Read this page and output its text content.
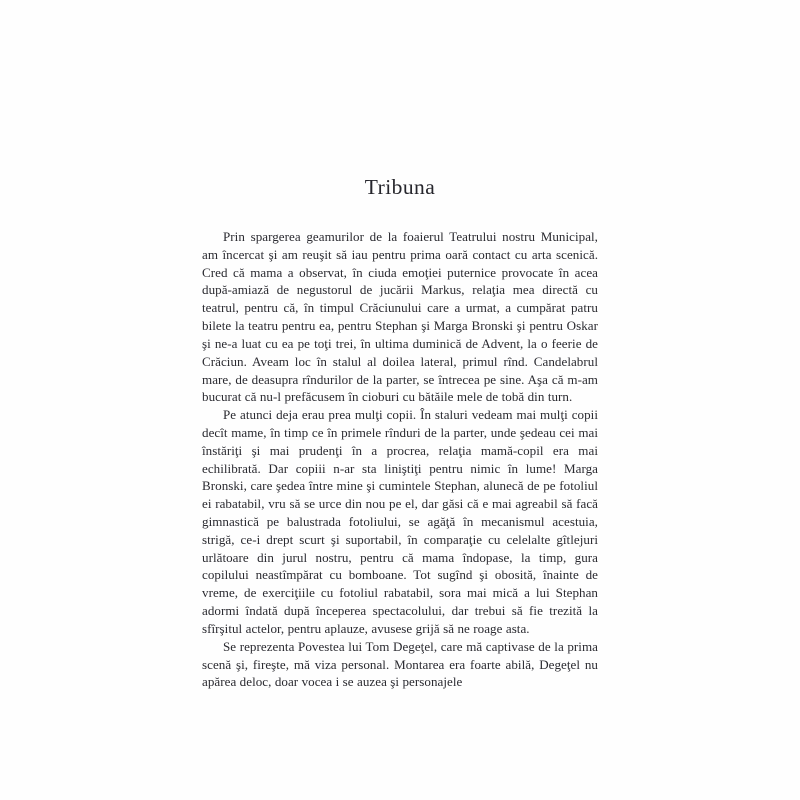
Tribuna

Prin spargerea geamurilor de la foaierul Teatrului nostru Municipal, am încercat şi am reuşit să iau pentru prima oară contact cu arta scenică. Cred că mama a observat, în ciuda emoţiei puternice provocate în acea după-amiază de negustorul de jucării Markus, relaţia mea directă cu teatrul, pentru că, în timpul Crăciunului care a urmat, a cumpărat patru bilete la teatru pentru ea, pentru Stephan şi Marga Bronski şi pentru Oskar şi ne-a luat cu ea pe toţi trei, în ultima duminică de Advent, la o feerie de Crăciun. Aveam loc în stalul al doilea lateral, primul rînd. Candelabrul mare, de deasupra rîndurilor de la parter, se întrecea pe sine. Aşa că m-am bucurat că nu-l prefăcusem în cioburi cu bătăile mele de tobă din turn.

Pe atunci deja erau prea mulţi copii. În staluri vedeam mai mulţi copii decît mame, în timp ce în primele rînduri de la parter, unde şedeau cei mai înstăriţi şi mai prudenţi în a procrea, relaţia mamă-copil era mai echilibrată. Dar copiii n-ar sta liniştiţi pentru nimic în lume! Marga Bronski, care şedea între mine şi cumintele Stephan, alunecă de pe fotoliul ei rabatabil, vru să se urce din nou pe el, dar găsi că e mai agreabil să facă gimnastică pe balustrada fotoliului, se agăţă în mecanismul acestuia, strigă, ce-i drept scurt şi suportabil, în comparaţie cu celelalte gîtlejuri urlătoare din jurul nostru, pentru că mama îndopase, la timp, gura copilului neastîmpărat cu bomboane. Tot sugînd şi obosită, înainte de vreme, de exerciţiile cu fotoliul rabatabil, sora mai mică a lui Stephan adormi îndată după începerea spectacolului, dar trebui să fie trezită la sfîrşitul actelor, pentru aplauze, avusese grijă să ne roage asta.

Se reprezenta Povestea lui Tom Degeţel, care mă captivase de la prima scenă şi, fireşte, mă viza personal. Montarea era foarte abilă, Degeţel nu apărea deloc, doar vocea i se auzea şi personajele
